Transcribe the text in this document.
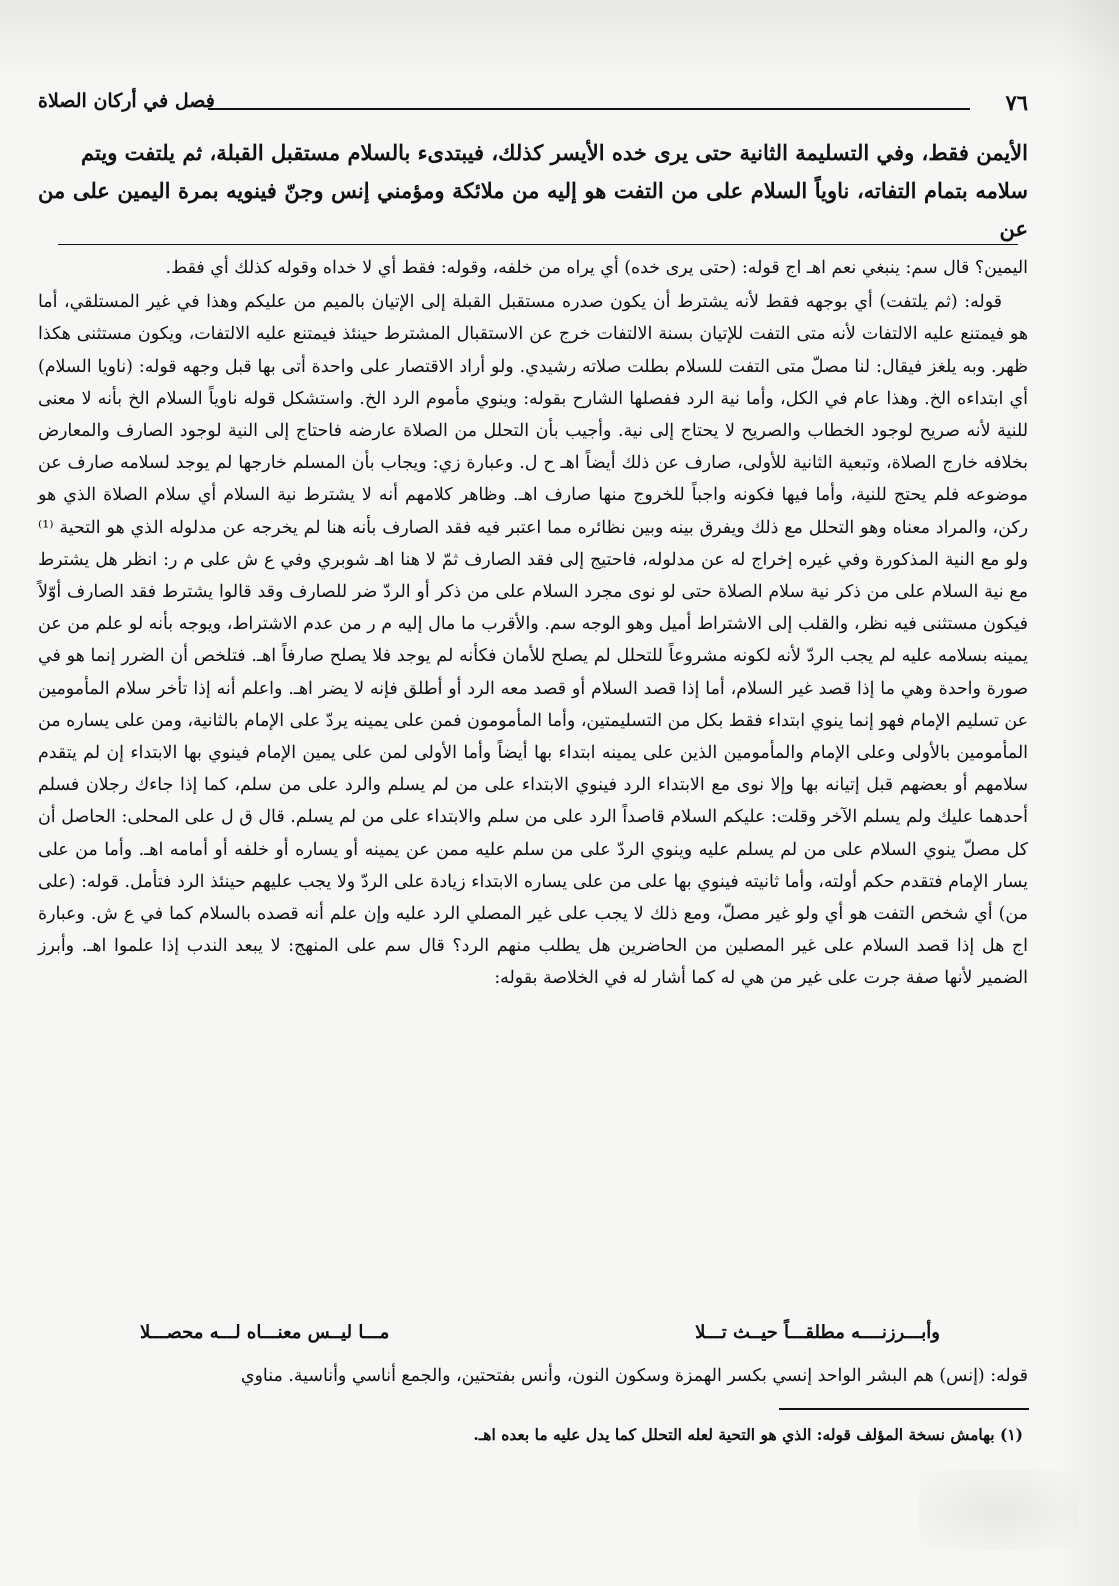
٧٦
فصل في أركان الصلاة

الأيمن فقط، وفي التسليمة الثانية حتى يرى خده الأيسر كذلك، فيبتدىء بالسلام مستقبل القبلة، ثم يلتفت ويتم

سلامه بتمام التفاته، ناوياً السلام على من التفت هو إليه من ملائكة ومؤمني إنس وجنّ فينويه بمرة اليمين على من عن

اليمين؟ قال سم: ينبغي نعم اهـ اج قوله: (حتى يرى خده) أي يراه من خلفه، وقوله: فقط أي لا خداه وقوله كذلك أي فقط.

قوله: (ثم يلتفت) أي بوجهه فقط لأنه يشترط أن يكون صدره مستقبل القبلة إلى الإتيان بالميم من عليكم وهذا في غير المستلقي، أما هو فيمتنع عليه الالتفات لأنه متى التفت للإتيان بسنة الالتفات خرج عن الاستقبال المشترط حينئذ فيمتنع عليه الالتفات، ويكون مستثنى هكذا ظهر. وبه يلغز فيقال: لنا مصلّ متى التفت للسلام بطلت صلاته رشيدي. ولو أراد الاقتصار على واحدة أتى بها قبل وجهه قوله: (ناويا السلام) أي ابتداءه الخ. وهذا عام في الكل، وأما نية الرد ففصلها الشارح بقوله: وينوي مأموم الرد الخ. واستشكل قوله ناوياً السلام الخ بأنه لا معنى للنية لأنه صريح لوجود الخطاب والصريح لا يحتاج إلى نية. وأجيب بأن التحلل من الصلاة عارضه فاحتاج إلى النية لوجود الصارف والمعارض بخلافه خارج الصلاة، وتبعية الثانية للأولى، صارف عن ذلك أيضاً اهـ ح ل. وعبارة زي: ويجاب بأن المسلم خارجها لم يوجد لسلامه صارف عن موضوعه فلم يحتج للنية، وأما فيها فكونه واجباً للخروج منها صارف اهـ. وظاهر كلامهم أنه لا يشترط نية السلام أي سلام الصلاة الذي هو ركن، والمراد معناه وهو التحلل مع ذلك ويفرق بينه وبين نظائره مما اعتبر فيه فقد الصارف بأنه هنا لم يخرجه عن مدلوله الذي هو التحية ⁽¹⁾ ولو مع النية المذكورة وفي غيره إخراج له عن مدلوله، فاحتيج إلى فقد الصارف ثمّ لا هنا اهـ شوبري وفي ع ش على م ر: انظر هل يشترط مع نية السلام على من ذكر نية سلام الصلاة حتى لو نوى مجرد السلام على من ذكر أو الردّ ضر للصارف وقد قالوا يشترط فقد الصارف أوّلاً فيكون مستثنى فيه نظر، والقلب إلى الاشتراط أميل وهو الوجه سم. والأقرب ما مال إليه م ر من عدم الاشتراط، ويوجه بأنه لو علم من عن يمينه بسلامه عليه لم يجب الردّ لأنه لكونه مشروعاً للتحلل لم يصلح للأمان فكأنه لم يوجد فلا يصلح صارفاً اهـ. فتلخص أن الضرر إنما هو في صورة واحدة وهي ما إذا قصد غير السلام، أما إذا قصد السلام أو قصد معه الرد أو أطلق فإنه لا يضر اهـ. واعلم أنه إذا تأخر سلام المأمومين عن تسليم الإمام فهو إنما ينوي ابتداء فقط بكل من التسليمتين، وأما المأمومون فمن على يمينه يردّ على الإمام بالثانية، ومن على يساره من المأمومين بالأولى وعلى الإمام والمأمومين الذين على يمينه ابتداء بها أيضاً وأما الأولى لمن على يمين الإمام فينوي بها الابتداء إن لم يتقدم سلامهم أو بعضهم قبل إتيانه بها وإلا نوى مع الابتداء الرد فينوي الابتداء على من لم يسلم والرد على من سلم، كما إذا جاءك رجلان فسلم أحدهما عليك ولم يسلم الآخر وقلت: عليكم السلام قاصداً الرد على من سلم والابتداء على من لم يسلم. قال ق ل على المحلى: الحاصل أن كل مصلّ ينوي السلام على من لم يسلم عليه وينوي الردّ على من سلم عليه ممن عن يمينه أو يساره أو خلفه أو أمامه اهـ. وأما من على يسار الإمام فتقدم حكم أولته، وأما ثانيته فينوي بها على من على يساره الابتداء زيادة على الردّ ولا يجب عليهم حينئذ الرد فتأمل. قوله: (على من) أي شخص التفت هو أي ولو غير مصلّ، ومع ذلك لا يجب على غير المصلي الرد عليه وإن علم أنه قصده بالسلام كما في ع ش. وعبارة اج هل إذا قصد السلام على غير المصلين من الحاضرين هل يطلب منهم الرد؟ قال سم على المنهج: لا يبعد الندب إذا علموا اهـ. وأبرز الضمير لأنها صفة جرت على غير من هي له كما أشار له في الخلاصة بقوله:

وأبـــرزنــــه مطلقـــاً حيــث تـــلا
مـــا ليــس معنـــاه لـــه محصـــلا
قوله: (إنس) هم البشر الواحد إنسي بكسر الهمزة وسكون النون، وأنس بفتحتين، والجمع أناسي وأناسية. مناوي
(١) بهامش نسخة المؤلف قوله: الذي هو التحية لعله التحلل كما يدل عليه ما بعده اهـ.
